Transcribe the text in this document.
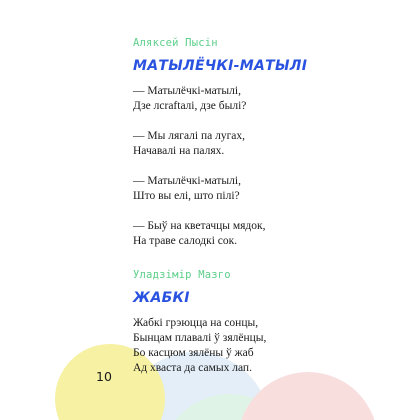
Аляксей Пысін

МАТЫЛЁЧКІ-МАТЫЛІ
— Матылёчкі-матылі,
Дзе лcraftaлі, дзе былі?
— Мы лягалі па лугах,
Начавалі на палях.
— Матылёчкі-матылі,
Што вы елі, што пілі?
— Быў на кветачцы мядок,
На траве салодкі сок.

Уладзімір Мазго

ЖАБКІ
Жабкі грэюцца на сонцы,
Бынцам плавалі ў зялёнцы,
Бо касцюм зялёны ў жаб
Ад хваста да самых лап.
10
